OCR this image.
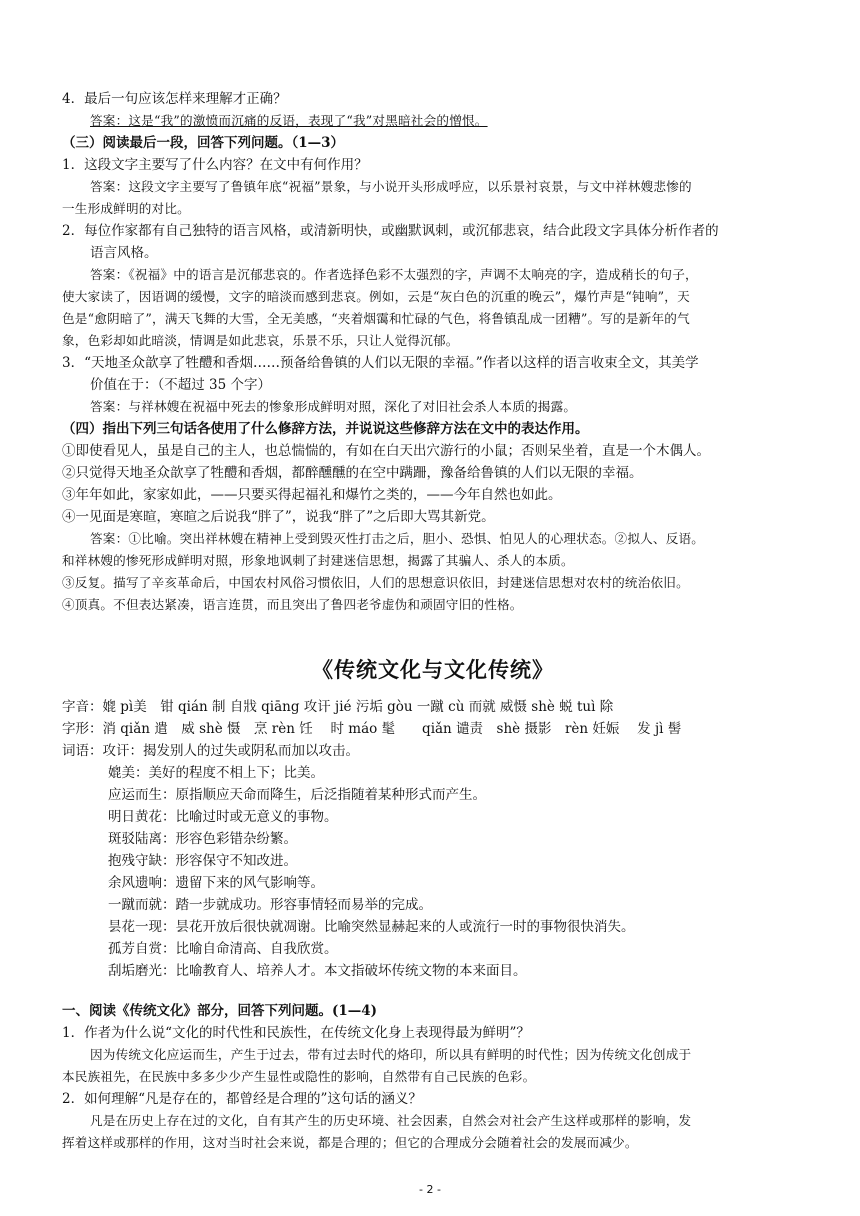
4．最后一句应该怎样来理解才正确？
答案：这是“我”的激愤而沉痛的反语，表现了“我”对黑暗社会的憎恨。
（三）阅读最后一段，回答下列问题。（1—3）
1．这段文字主要写了什么内容？在文中有何作用？
答案：这段文字主要写了鲁镇年底“祝福”景象，与小说开头形成呼应，以乐景衬哀景，与文中祥林嫂悲惨的
一生形成鲜明的对比。
2．每位作家都有自己独特的语言风格，或清新明快，或幽默讽刺，或沉郁悲哀，结合此段文字具体分析作者的
语言风格。
答案：《祝福》中的语言是沉郁悲哀的。作者选择色彩不太强烈的字，声调不太响亮的字，造成稍长的句子，
使大家读了，因语调的缓慢，文字的暗淡而感到悲哀。例如，云是“灰白色的沉重的晚云”，爆竹声是“钝响”，天
色是“愈阴暗了”，满天飞舞的大雪，全无美感，“夹着烟霭和忙碌的气色，将鲁镇乱成一团糟”。写的是新年的气
象，色彩却如此暗淡，情调是如此悲哀，乐景不乐，只让人觉得沉郁。
3．“天地圣众歆享了牲醴和香烟……预备给鲁镇的人们以无限的幸福。”作者以这样的语言收束全文，其美学
价值在于：（不超过 35 个字）
答案：与祥林嫂在祝福中死去的惨象形成鲜明对照，深化了对旧社会杀人本质的揭露。
（四）指出下列三句话各使用了什么修辞方法，并说说这些修辞方法在文中的表达作用。
①即使看见人，虽是自己的主人，也总惴惴的，有如在白天出穴游行的小鼠；否则呆坐着，直是一个木偶人。
②只觉得天地圣众歆享了牲醴和香烟，都醉醺醺的在空中蹒跚，豫备给鲁镇的人们以无限的幸福。
③年年如此，家家如此，——只要买得起福礼和爆竹之类的，——今年自然也如此。
④一见面是寒暄，寒暄之后说我“胖了”，说我“胖了”之后即大骂其新党。
答案：①比喻。突出祥林嫂在精神上受到毁灭性打击之后，胆小、恐惧、怕见人的心理状态。②拟人、反语。
和祥林嫂的惨死形成鲜明对照，形象地讽刺了封建迷信思想，揭露了其骗人、杀人的本质。
③反复。描写了辛亥革命后，中国农村风俗习惯依旧，人们的思想意识依旧，封建迷信思想对农村的统治依旧。
④顶真。不但表达紧凑，语言连贯，而且突出了鲁四老爷虚伪和顽固守旧的性格。
《传统文化与文化传统》
字音：媲 pì美　钳 qián 制 自戕 qiāng 攻讦 jié 污垢 gòu 一蹴 cù 而就 威慑 shè 蜕 tuì 除
字形：消 qiǎn 遣　威 shè 慑　烹 rèn 饪　 时 máo 髦　　qiǎn 谴责　shè 摄影　rèn 妊娠　 发 jì 髻
词语：攻讦：揭发别人的过失或阴私而加以攻击。
媲美：美好的程度不相上下；比美。
应运而生：原指顺应天命而降生，后泛指随着某种形式而产生。
明日黄花：比喻过时或无意义的事物。
斑驳陆离：形容色彩错杂纷繁。
抱残守缺：形容保守不知改进。
余风遗响：遗留下来的风气影响等。
一蹴而就：踏一步就成功。形容事情轻而易举的完成。
昙花一现：昙花开放后很快就凋谢。比喻突然显赫起来的人或流行一时的事物很快消失。
孤芳自赏：比喻自命清高、自我欣赏。
刮垢磨光：比喻教育人、培养人才。本文指破坏传统文物的本来面目。
一、阅读《传统文化》部分，回答下列问题。(1—4)
1．作者为什么说“文化的时代性和民族性，在传统文化身上表现得最为鲜明”？
因为传统文化应运而生，产生于过去，带有过去时代的烙印，所以具有鲜明的时代性；因为传统文化创成于
本民族祖先，在民族中多多少少产生显性或隐性的影响，自然带有自己民族的色彩。
2．如何理解“凡是存在的，都曾经是合理的”这句话的涵义？
凡是在历史上存在过的文化，自有其产生的历史环境、社会因素，自然会对社会产生这样或那样的影响，发
挥着这样或那样的作用，这对当时社会来说，都是合理的；但它的合理成分会随着社会的发展而减少。
- 2 -
